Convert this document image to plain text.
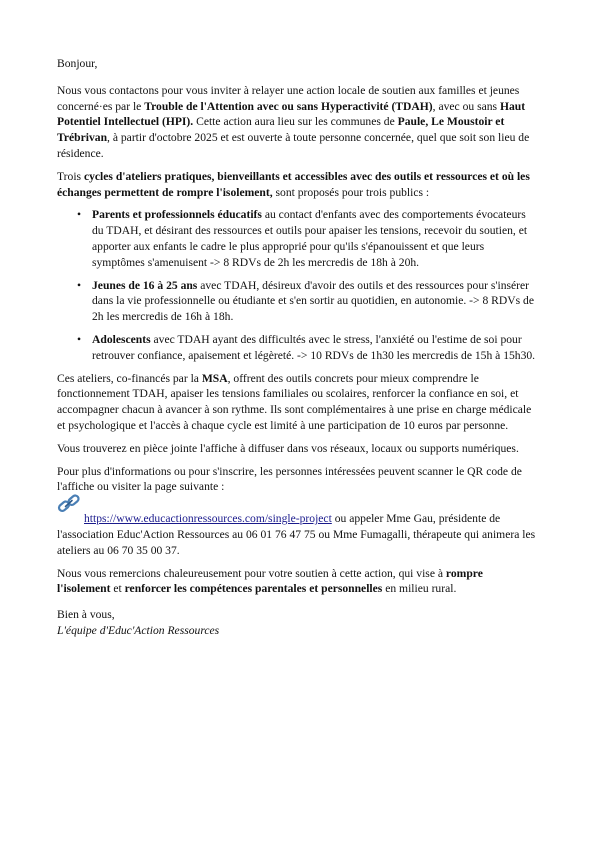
Bonjour,

Nous vous contactons pour vous inviter à relayer une action locale de soutien aux familles et jeunes concerné·es par le Trouble de l'Attention avec ou sans Hyperactivité (TDAH), avec ou sans Haut Potentiel Intellectuel (HPI). Cette action aura lieu sur les communes de Paule, Le Moustoir et Trébrivan, à partir d'octobre 2025 et est ouverte à toute personne concernée, quel que soit son lieu de résidence.

Trois cycles d'ateliers pratiques, bienveillants et accessibles avec des outils et ressources et où les échanges permettent de rompre l'isolement, sont proposés pour trois publics :

• Parents et professionnels éducatifs au contact d'enfants avec des comportements évocateurs du TDAH, et désirant des ressources et outils pour apaiser les tensions, recevoir du soutien, et apporter aux enfants le cadre le plus approprié pour qu'ils s'épanouissent et que leurs symptômes s'amenuisent -> 8 RDVs de 2h les mercredis de 18h à 20h.
• Jeunes de 16 à 25 ans avec TDAH, désireux d'avoir des outils et des ressources pour s'insérer dans la vie professionnelle ou étudiante et s'en sortir au quotidien, en autonomie. -> 8 RDVs de 2h les mercredis de 16h à 18h.
• Adolescents avec TDAH ayant des difficultés avec le stress, l'anxiété ou l'estime de soi pour retrouver confiance, apaisement et légèreté. -> 10 RDVs de 1h30 les mercredis de 15h à 15h30.

Ces ateliers, co-financés par la MSA, offrent des outils concrets pour mieux comprendre le fonctionnement TDAH, apaiser les tensions familiales ou scolaires, renforcer la confiance en soi, et accompagner chacun à avancer à son rythme. Ils sont complémentaires à une prise en charge médicale et psychologique et l'accès à chaque cycle est limité à une participation de 10 euros par personne.

Vous trouverez en pièce jointe l'affiche à diffuser dans vos réseaux, locaux ou supports numériques.

Pour plus d'informations ou pour s'inscrire, les personnes intéressées peuvent scanner le QR code de l'affiche ou visiter la page suivante :

https://www.educactionressources.com/single-project ou appeler Mme Gau, présidente de l'association Educ'Action Ressources au 06 01 76 47 75 ou Mme Fumagalli, thérapeute qui animera les ateliers au 06 70 35 00 37.

Nous vous remercions chaleureusement pour votre soutien à cette action, qui vise à rompre l'isolement et renforcer les compétences parentales et personnelles en milieu rural.

Bien à vous,

L'équipe d'Educ'Action Ressources
